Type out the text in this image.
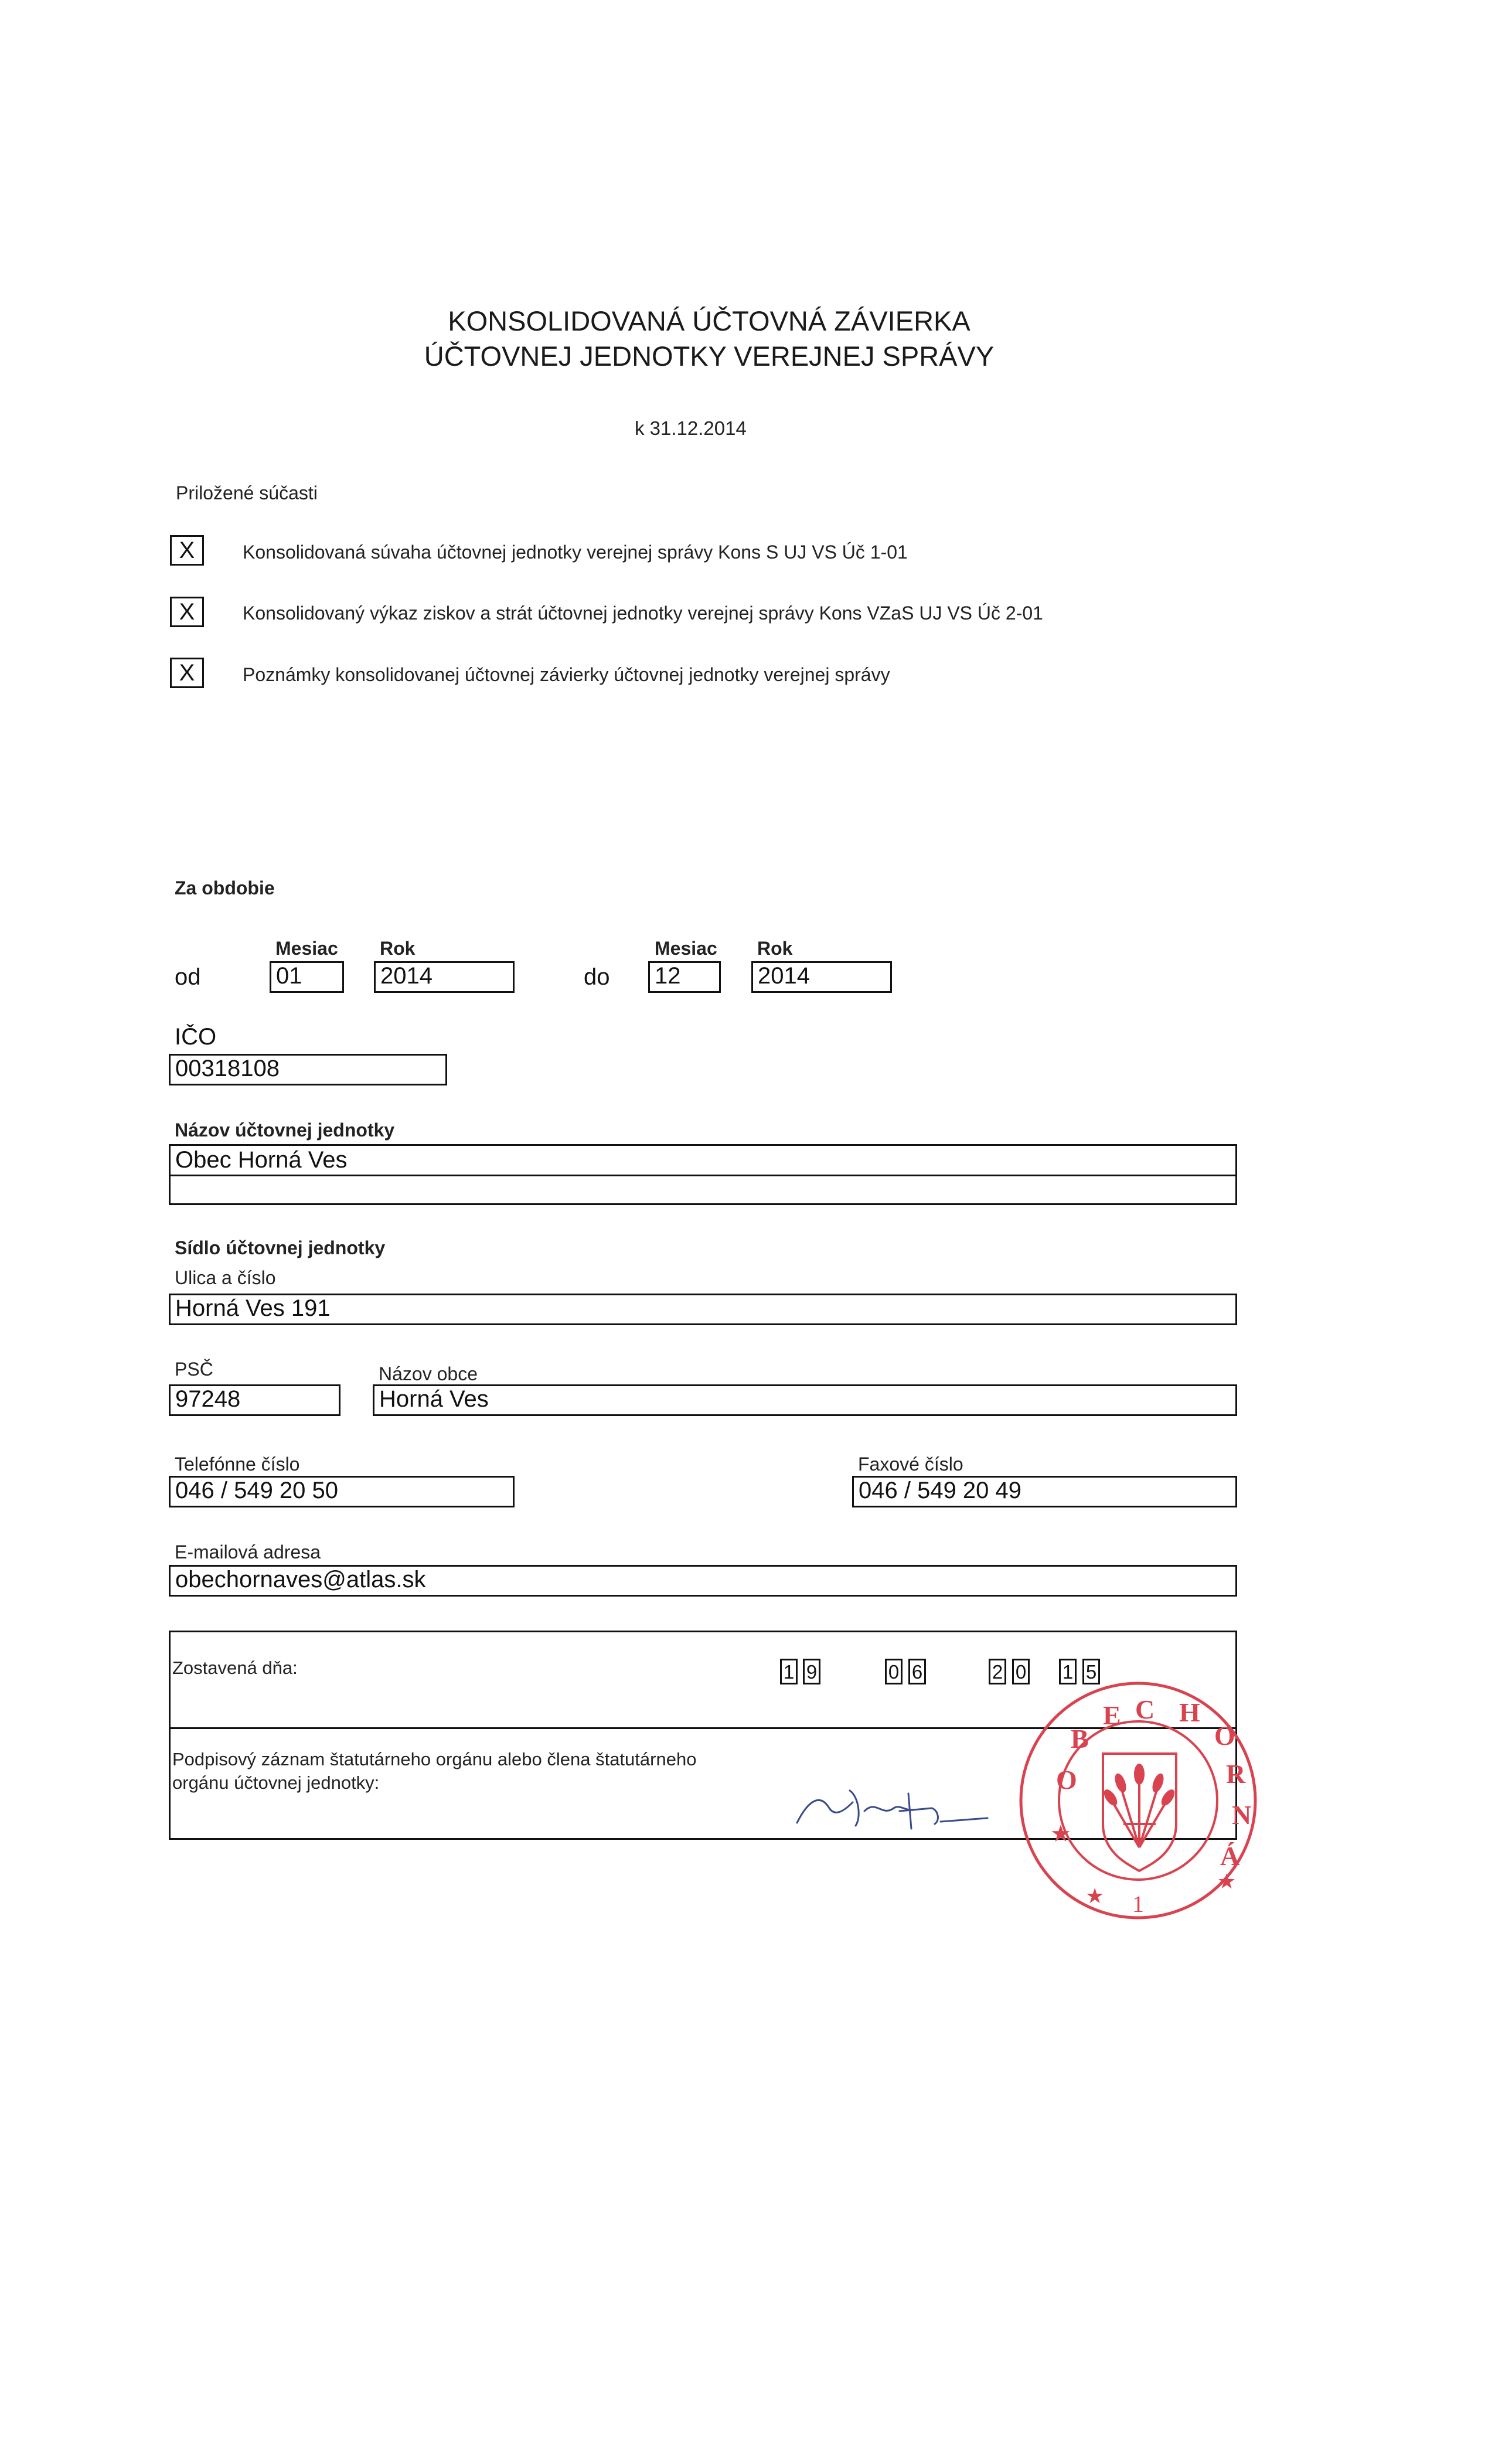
KONSOLIDOVANÁ ÚČTOVNÁ ZÁVIERKA
ÚČTOVNEJ JEDNOTKY VEREJNEJ SPRÁVY
k 31.12.2014
Priložené súčasti
X	Konsolidovaná súvaha účtovnej jednotky verejnej správy Kons S UJ VS Úč 1-01
X	Konsolidovaný výkaz ziskov a strát účtovnej jednotky verejnej správy Kons VZaS UJ VS Úč 2-01
X	Poznámky konsolidovanej účtovnej závierky účtovnej jednotky verejnej správy
Za obdobie
Mesiac Rok	Mesiac Rok
od	01	2014	do 12	2014
IČO
00318108
Názov účtovnej jednotky
Obec Horná Ves
Sídlo účtovnej jednotky
Ulica a číslo
Horná Ves 191
PSČ
97248
Názov obce
Horná Ves
Telefónne číslo
046 / 549 20 50
Faxové číslo
046 / 549 20 49
E-mailová adresa
obechornaves@atlas.sk
Zostavená dňa:	1 9	0 6	2 0 1 5
Podpisový záznam štatutárneho orgánu alebo člena štatutárneho orgánu účtovnej jednotky:	O
B
E C H
O
R
N
Á
★
★
★ 1
